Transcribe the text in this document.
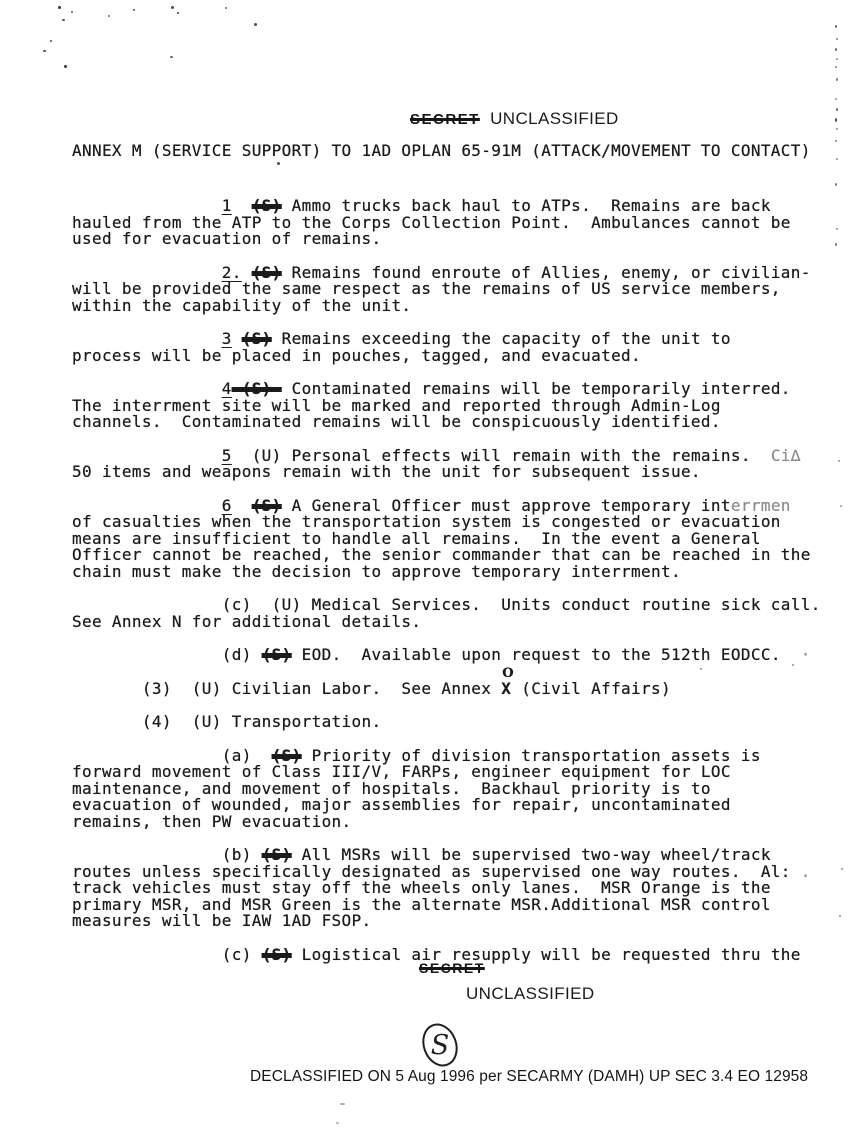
SECRET UNCLASSIFIED
ANNEX M (SERVICE SUPPORT) TO 1AD OPLAN 65-91M (ATTACK/MOVEMENT TO CONTACT)
1 (S) Ammo trucks back haul to ATPs.  Remains are back
hauled from the ATP to the Corps Collection Point.  Ambulances cannot be
used for evacuation of remains.
2. (S) Remains found enroute of Allies, enemy, or civilian-
will be provided the same respect as the remains of US service members,
within the capability of the unit.
3 (S) Remains exceeding the capacity of the unit to
process will be placed in pouches, tagged, and evacuated.
4—(S)— Contaminated remains will be temporarily interred.
The interrment site will be marked and reported through Admin-Log
channels.  Contaminated remains will be conspicuously identified.
5  (U) Personal effects will remain with the remains.  Ci∆
50 items and weapons remain with the unit for subsequent issue.
6 (S) A General Officer must approve temporary interrmen
of casualties when the transportation system is congested or evacuation
means are insufficient to handle all remains.  In the event a General
Officer cannot be reached, the senior commander that can be reached in the
chain must make the decision to approve temporary interrment.
(c)  (U) Medical Services.  Units conduct routine sick call.
See Annex N for additional details.
(d) (S) EOD.  Available upon request to the 512th EODCC.  ·
(3)  (U) Civilian Labor.  See Annex X
O
(Civil Affairs)
(4)  (U) Transportation.
(a)  (S) Priority of division transportation assets is
forward movement of Class III/V, FARPs, engineer equipment for LOC
maintenance, and movement of hospitals.  Backhaul priority is to
evacuation of wounded, major assemblies for repair, uncontaminated
remains, then PW evacuation.
(b) (S) All MSRs will be supervised two-way wheel/track
routes unless specifically designated as supervised one way routes.  Al: .
track vehicles must stay off the wheels only lanes.  MSR Orange is the
primary MSR, and MSR Green is the alternate MSR.Additional MSR control
measures will be IAW 1AD FSOP.
(c) (S) Logistical air resupply will be requested thru the
SECRET
UNCLASSIFIED
S
DECLASSIFIED ON 5 Aug 1996 per SECARMY (DAMH) UP SEC 3.4 EO 12958
